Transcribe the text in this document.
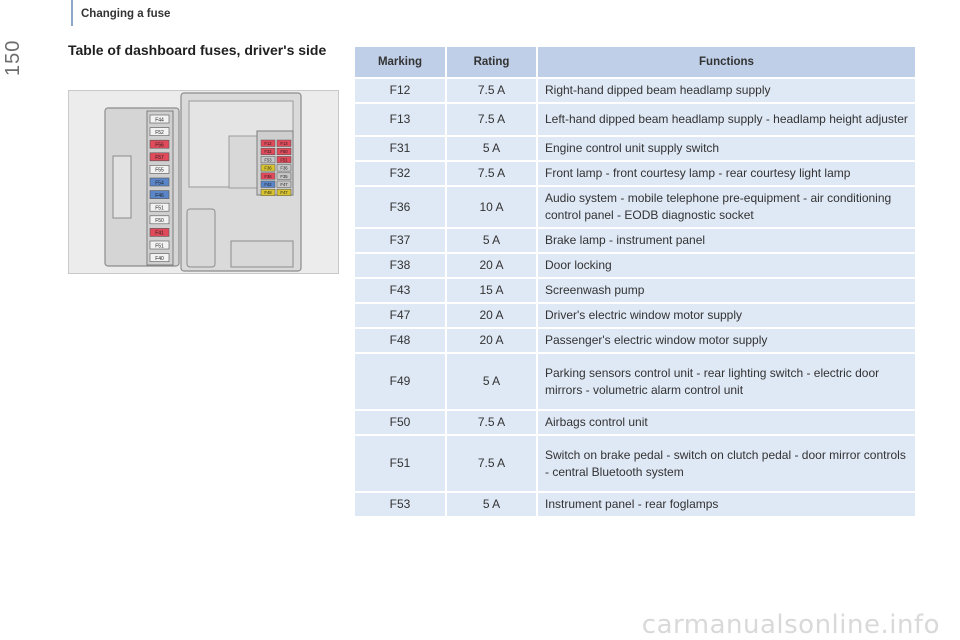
Changing a fuse
150	Table of dashboard fuses, driver's side
F44
F52
F56
F57
F55
F54
F46
F51
F50
F41
F51
F40
F12 F13
F32 F50
F53 F51
F36 F36
F36 F35
F42 F47
F48 F47
Marking	Rating	Functions
F12	7.5 A	Right-hand dipped beam headlamp supply
F13	7.5 A	Left-hand dipped beam headlamp supply - headlamp height adjuster
F31	5 A	Engine control unit supply switch
F32	7.5 A	Front lamp - front courtesy lamp - rear courtesy light lamp
F36	10 A	Audio system - mobile telephone pre-equipment - air conditioning control panel - EODB diagnostic socket
F37	5 A	Brake lamp - instrument panel
F38	20 A	Door locking
F43	15 A	Screenwash pump
F47	20 A	Driver's electric window motor supply
F48	20 A	Passenger's electric window motor supply
F49	5 A	Parking sensors control unit - rear lighting switch - electric door mirrors - volumetric alarm control unit
F50	7.5 A	Airbags control unit
F51	7.5 A	Switch on brake pedal - switch on clutch pedal - door mirror controls - central Bluetooth system
F53	5 A	Instrument panel - rear foglamps
carmanualsonline.info
